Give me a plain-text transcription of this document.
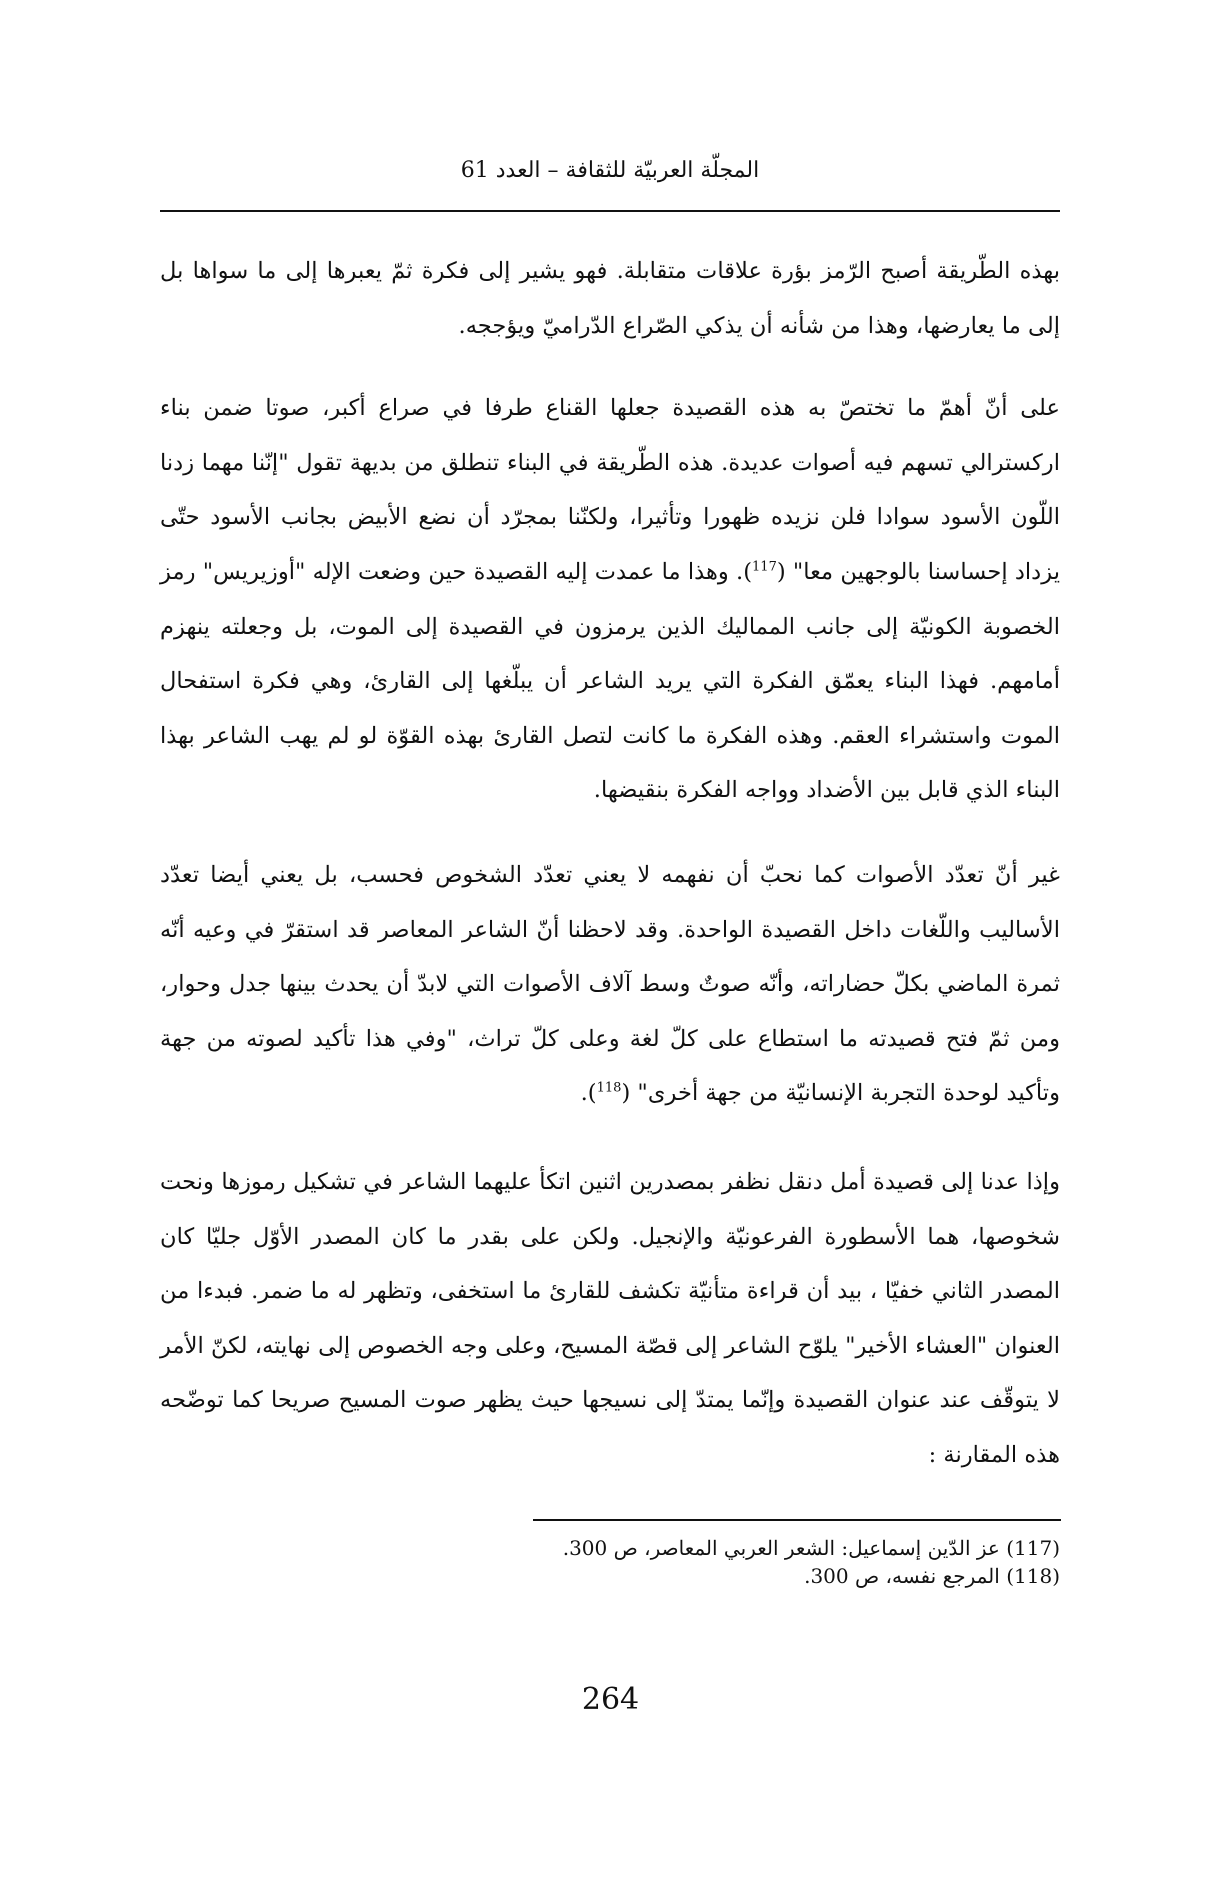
المجلّة العربيّة للثقافة – العدد 61

بهذه الطّريقة أصبح الرّمز بؤرة علاقات متقابلة. فهو يشير إلى فكرة ثمّ يعبرها إلى ما سواها بل إلى ما يعارضها، وهذا من شأنه أن يذكي الصّراع الدّراميّ ويؤججه.

على أنّ أهمّ ما تختصّ به هذه القصيدة جعلها القناع طرفا في صراع أكبر، صوتا ضمن بناء اركسترالي تسهم فيه أصوات عديدة. هذه الطّريقة في البناء تنطلق من بديهة تقول "إنّنا مهما زدنا اللّون الأسود سوادا فلن نزيده ظهورا وتأثيرا، ولكنّنا بمجرّد أن نضع الأبيض بجانب الأسود حتّى يزداد إحساسنا بالوجهين معا" ($^{117}$). وهذا ما عمدت إليه القصيدة حين وضعت الإله "أوزيريس" رمز الخصوبة الكونيّة إلى جانب المماليك الذين يرمزون في القصيدة إلى الموت، بل وجعلته ينهزم أمامهم. فهذا البناء يعمّق الفكرة التي يريد الشاعر أن يبلّغها إلى القارئ، وهي فكرة استفحال الموت واستشراء العقم. وهذه الفكرة ما كانت لتصل القارئ بهذه القوّة لو لم يهب الشاعر بهذا البناء الذي قابل بين الأضداد وواجه الفكرة بنقيضها.

غير أنّ تعدّد الأصوات كما نحبّ أن نفهمه لا يعني تعدّد الشخوص فحسب، بل يعني أيضا تعدّد الأساليب واللّغات داخل القصيدة الواحدة. وقد لاحظنا أنّ الشاعر المعاصر قد استقرّ في وعيه أنّه ثمرة الماضي بكلّ حضاراته، وأنّه صوتٌ وسط آلاف الأصوات التي لابدّ أن يحدث بينها جدل وحوار، ومن ثمّ فتح قصيدته ما استطاع على كلّ لغة وعلى كلّ تراث، "وفي هذا تأكيد لصوته من جهة وتأكيد لوحدة التجربة الإنسانيّة من جهة أخرى" ($^{118}$).

وإذا عدنا إلى قصيدة أمل دنقل نظفر بمصدرين اثنين اتكأ عليهما الشاعر في تشكيل رموزها ونحت شخوصها، هما الأسطورة الفرعونيّة والإنجيل. ولكن على بقدر ما كان المصدر الأوّل جليّا كان المصدر الثاني خفيّا ، بيد أن قراءة متأنيّة تكشف للقارئ ما استخفى، وتظهر له ما ضمر. فبدءا من العنوان "العشاء الأخير" يلوّح الشاعر إلى قصّة المسيح، وعلى وجه الخصوص إلى نهايته، لكنّ الأمر لا يتوقّف عند عنوان القصيدة وإنّما يمتدّ إلى نسيجها حيث يظهر صوت المسيح صريحا كما توضّحه هذه المقارنة :

(117) عز الدّين إسماعيل: الشعر العربي المعاصر، ص 300.

(118) المرجع نفسه، ص 300.

264
